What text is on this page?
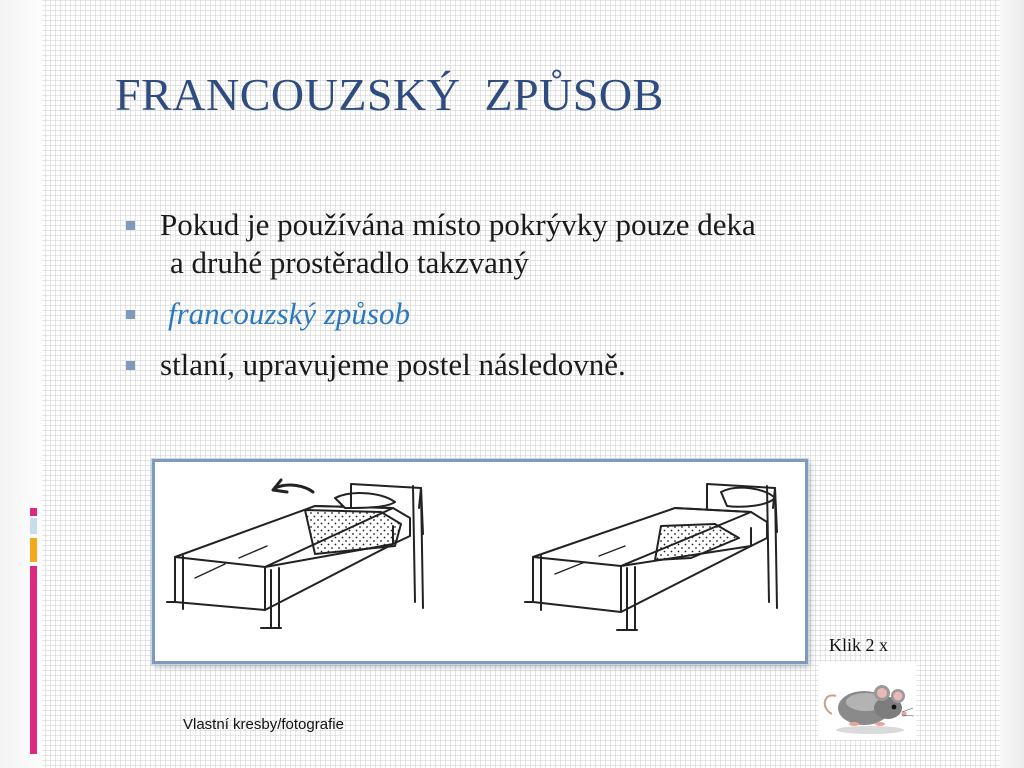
FRANCOUZSKÝ  ZPŮSOB
Pokud je používána místo pokrývky pouze deka
a druhé prostěradlo takzvaný
francouzský způsob
stlaní, upravujeme postel následovně.
Klik 2 x
Vlastní kresby/fotografie
